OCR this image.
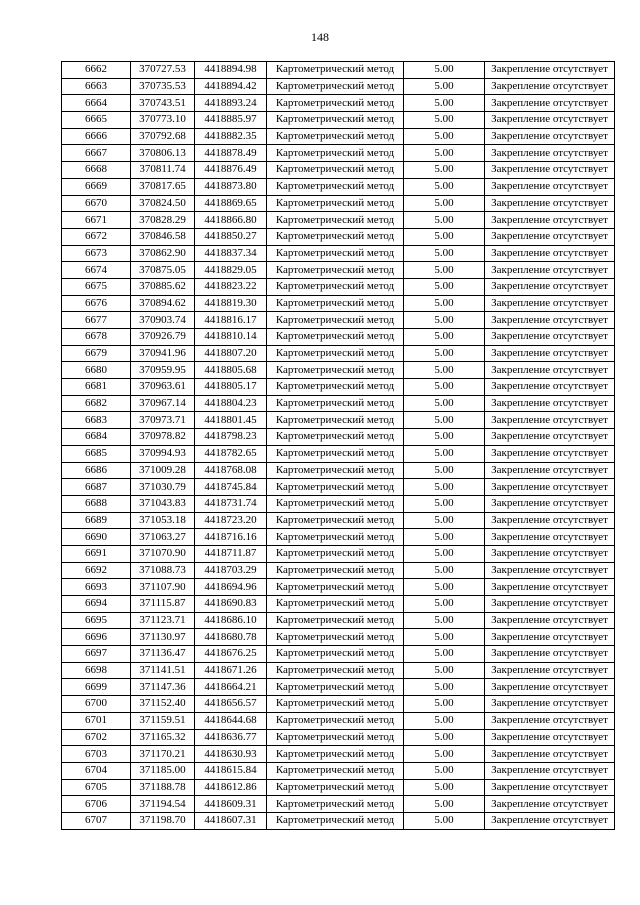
148
6662	370727.53	4418894.98	Картометрический метод	5.00	Закрепление отсутствует
6663	370735.53	4418894.42	Картометрический метод	5.00	Закрепление отсутствует
6664	370743.51	4418893.24	Картометрический метод	5.00	Закрепление отсутствует
6665	370773.10	4418885.97	Картометрический метод	5.00	Закрепление отсутствует
6666	370792.68	4418882.35	Картометрический метод	5.00	Закрепление отсутствует
6667	370806.13	4418878.49	Картометрический метод	5.00	Закрепление отсутствует
6668	370811.74	4418876.49	Картометрический метод	5.00	Закрепление отсутствует
6669	370817.65	4418873.80	Картометрический метод	5.00	Закрепление отсутствует
6670	370824.50	4418869.65	Картометрический метод	5.00	Закрепление отсутствует
6671	370828.29	4418866.80	Картометрический метод	5.00	Закрепление отсутствует
6672	370846.58	4418850.27	Картометрический метод	5.00	Закрепление отсутствует
6673	370862.90	4418837.34	Картометрический метод	5.00	Закрепление отсутствует
6674	370875.05	4418829.05	Картометрический метод	5.00	Закрепление отсутствует
6675	370885.62	4418823.22	Картометрический метод	5.00	Закрепление отсутствует
6676	370894.62	4418819.30	Картометрический метод	5.00	Закрепление отсутствует
6677	370903.74	4418816.17	Картометрический метод	5.00	Закрепление отсутствует
6678	370926.79	4418810.14	Картометрический метод	5.00	Закрепление отсутствует
6679	370941.96	4418807.20	Картометрический метод	5.00	Закрепление отсутствует
6680	370959.95	4418805.68	Картометрический метод	5.00	Закрепление отсутствует
6681	370963.61	4418805.17	Картометрический метод	5.00	Закрепление отсутствует
6682	370967.14	4418804.23	Картометрический метод	5.00	Закрепление отсутствует
6683	370973.71	4418801.45	Картометрический метод	5.00	Закрепление отсутствует
6684	370978.82	4418798.23	Картометрический метод	5.00	Закрепление отсутствует
6685	370994.93	4418782.65	Картометрический метод	5.00	Закрепление отсутствует
6686	371009.28	4418768.08	Картометрический метод	5.00	Закрепление отсутствует
6687	371030.79	4418745.84	Картометрический метод	5.00	Закрепление отсутствует
6688	371043.83	4418731.74	Картометрический метод	5.00	Закрепление отсутствует
6689	371053.18	4418723.20	Картометрический метод	5.00	Закрепление отсутствует
6690	371063.27	4418716.16	Картометрический метод	5.00	Закрепление отсутствует
6691	371070.90	4418711.87	Картометрический метод	5.00	Закрепление отсутствует
6692	371088.73	4418703.29	Картометрический метод	5.00	Закрепление отсутствует
6693	371107.90	4418694.96	Картометрический метод	5.00	Закрепление отсутствует
6694	371115.87	4418690.83	Картометрический метод	5.00	Закрепление отсутствует
6695	371123.71	4418686.10	Картометрический метод	5.00	Закрепление отсутствует
6696	371130.97	4418680.78	Картометрический метод	5.00	Закрепление отсутствует
6697	371136.47	4418676.25	Картометрический метод	5.00	Закрепление отсутствует
6698	371141.51	4418671.26	Картометрический метод	5.00	Закрепление отсутствует
6699	371147.36	4418664.21	Картометрический метод	5.00	Закрепление отсутствует
6700	371152.40	4418656.57	Картометрический метод	5.00	Закрепление отсутствует
6701	371159.51	4418644.68	Картометрический метод	5.00	Закрепление отсутствует
6702	371165.32	4418636.77	Картометрический метод	5.00	Закрепление отсутствует
6703	371170.21	4418630.93	Картометрический метод	5.00	Закрепление отсутствует
6704	371185.00	4418615.84	Картометрический метод	5.00	Закрепление отсутствует
6705	371188.78	4418612.86	Картометрический метод	5.00	Закрепление отсутствует
6706	371194.54	4418609.31	Картометрический метод	5.00	Закрепление отсутствует
6707	371198.70	4418607.31	Картометрический метод	5.00	Закрепление отсутствует
